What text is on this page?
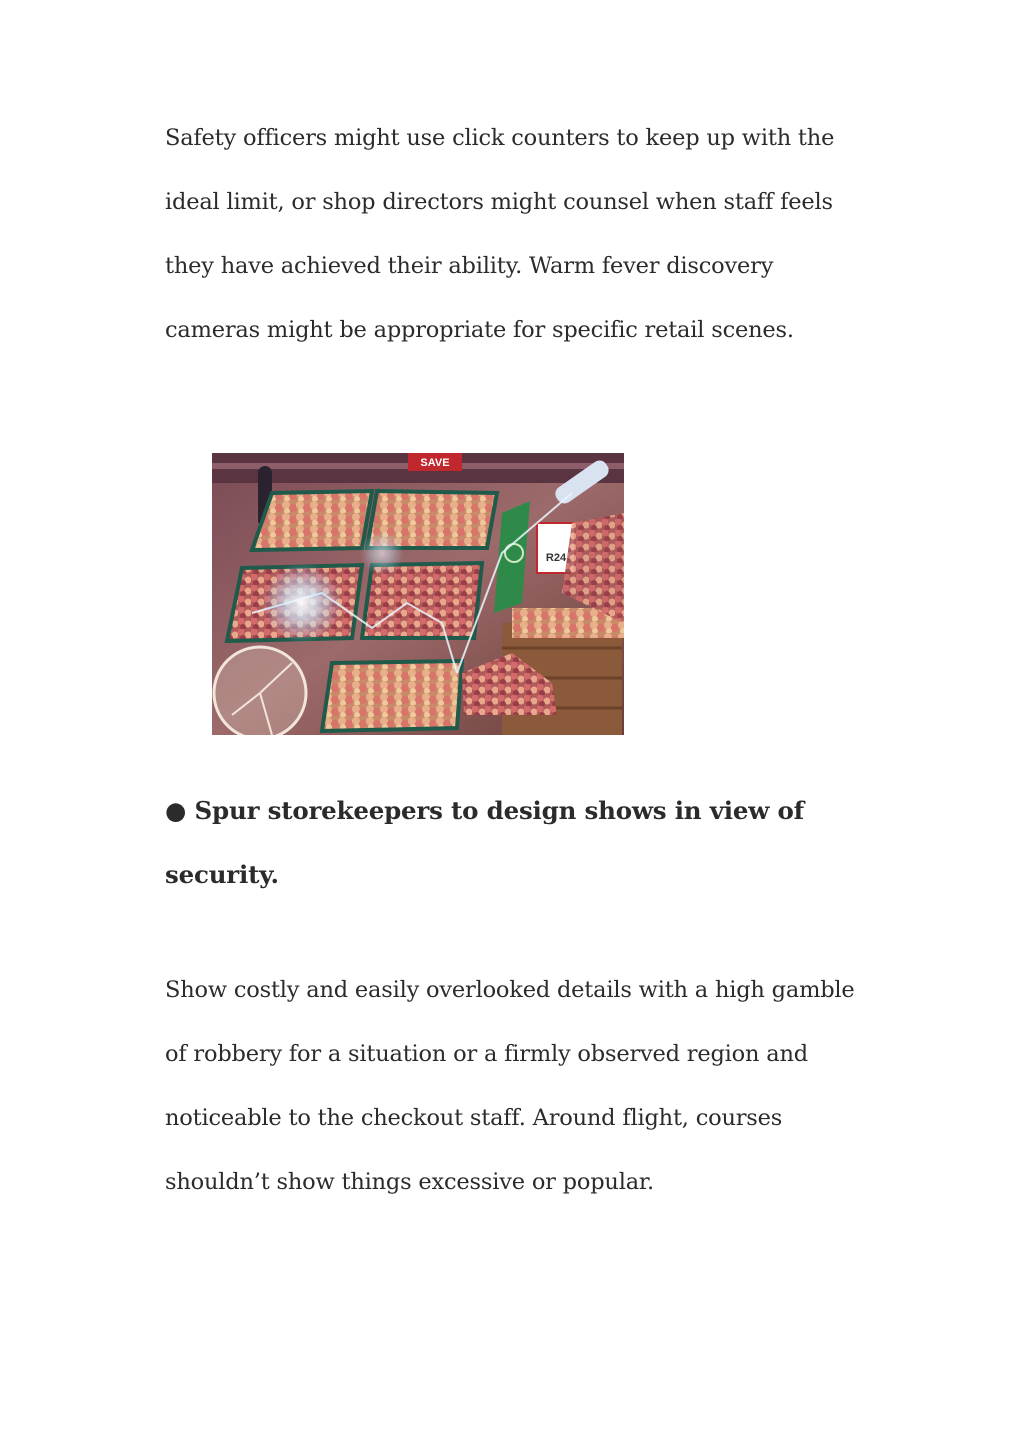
Safety officers might use click counters to keep up with the
ideal limit, or shop directors might counsel when staff feels
they have achieved their ability. Warm fever discovery
cameras might be appropriate for specific retail scenes.
SAVE
R24
● Spur storekeepers to design shows in view of
security.
Show costly and easily overlooked details with a high gamble
of robbery for a situation or a firmly observed region and
noticeable to the checkout staff. Around flight, courses
shouldn’t show things excessive or popular.
